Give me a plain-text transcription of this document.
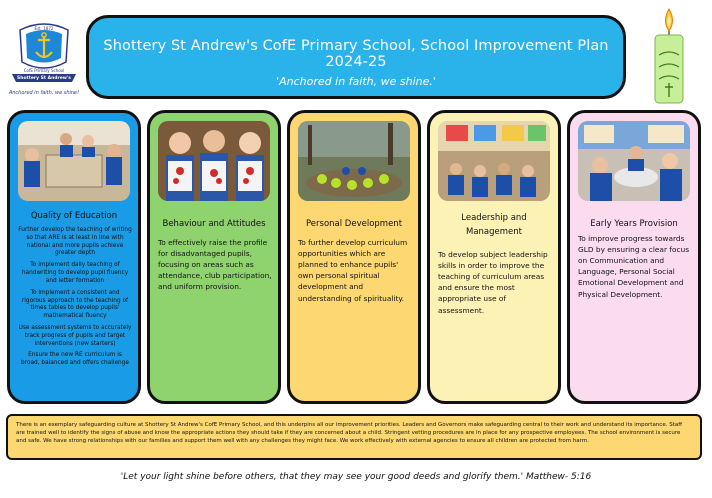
Est. 1872
CofE Primary School
Shottery St Andrew's
Anchored in faith, we shine!
Shottery St Andrew's CofE Primary School, School Improvement Plan 2024-25
'Anchored in faith, we shine.'
Quality of Education

Further develop the teaching of writing so that ARE is at least in line with national and more pupils achieve greater depth

To implement daily teaching of handwriting to develop pupil fluency and letter formation

To implement a consistent and rigorous approach to the teaching of times tables to develop pupils' mathematical fluency

Use assessment systems to accurately track progress of pupils and target interventions (new starters)

Ensure the new RE curriculum is broad, balanced and offers challenge

Behaviour and Attitudes
To effectively raise the profile for disadvantaged pupils, focusing on areas such as attendance, club participation, and uniform provision.
Personal Development
To further develop curriculum opportunities which are planned to enhance pupils' own personal spiritual development and understanding of spirituality.
Leadership and Management
To develop subject leadership skills in order to improve the teaching of curriculum areas and ensure the most appropriate use of assessment.
Early Years Provision
To improve progress towards GLD by ensuring a clear focus on Communication and Language, Personal Social Emotional Development and Physical Development.
There is an exemplary safeguarding culture at Shottery St Andrew's CofE Primary School, and this underpins all our improvement priorities. Leaders and Governors make safeguarding central to their work and understand its importance. Staff are trained well to identify the signs of abuse and know the appropriate actions they should take if they are concerned about a child. Stringent vetting procedures are in place for any prospective employees. The school environment is secure and safe. We have strong relationships with our families and support them well with any challenges they might face. We work effectively with external agencies to ensure all children are protected from harm.
'Let your light shine before others, that they may see your good deeds and glorify them.' Matthew- 5:16
